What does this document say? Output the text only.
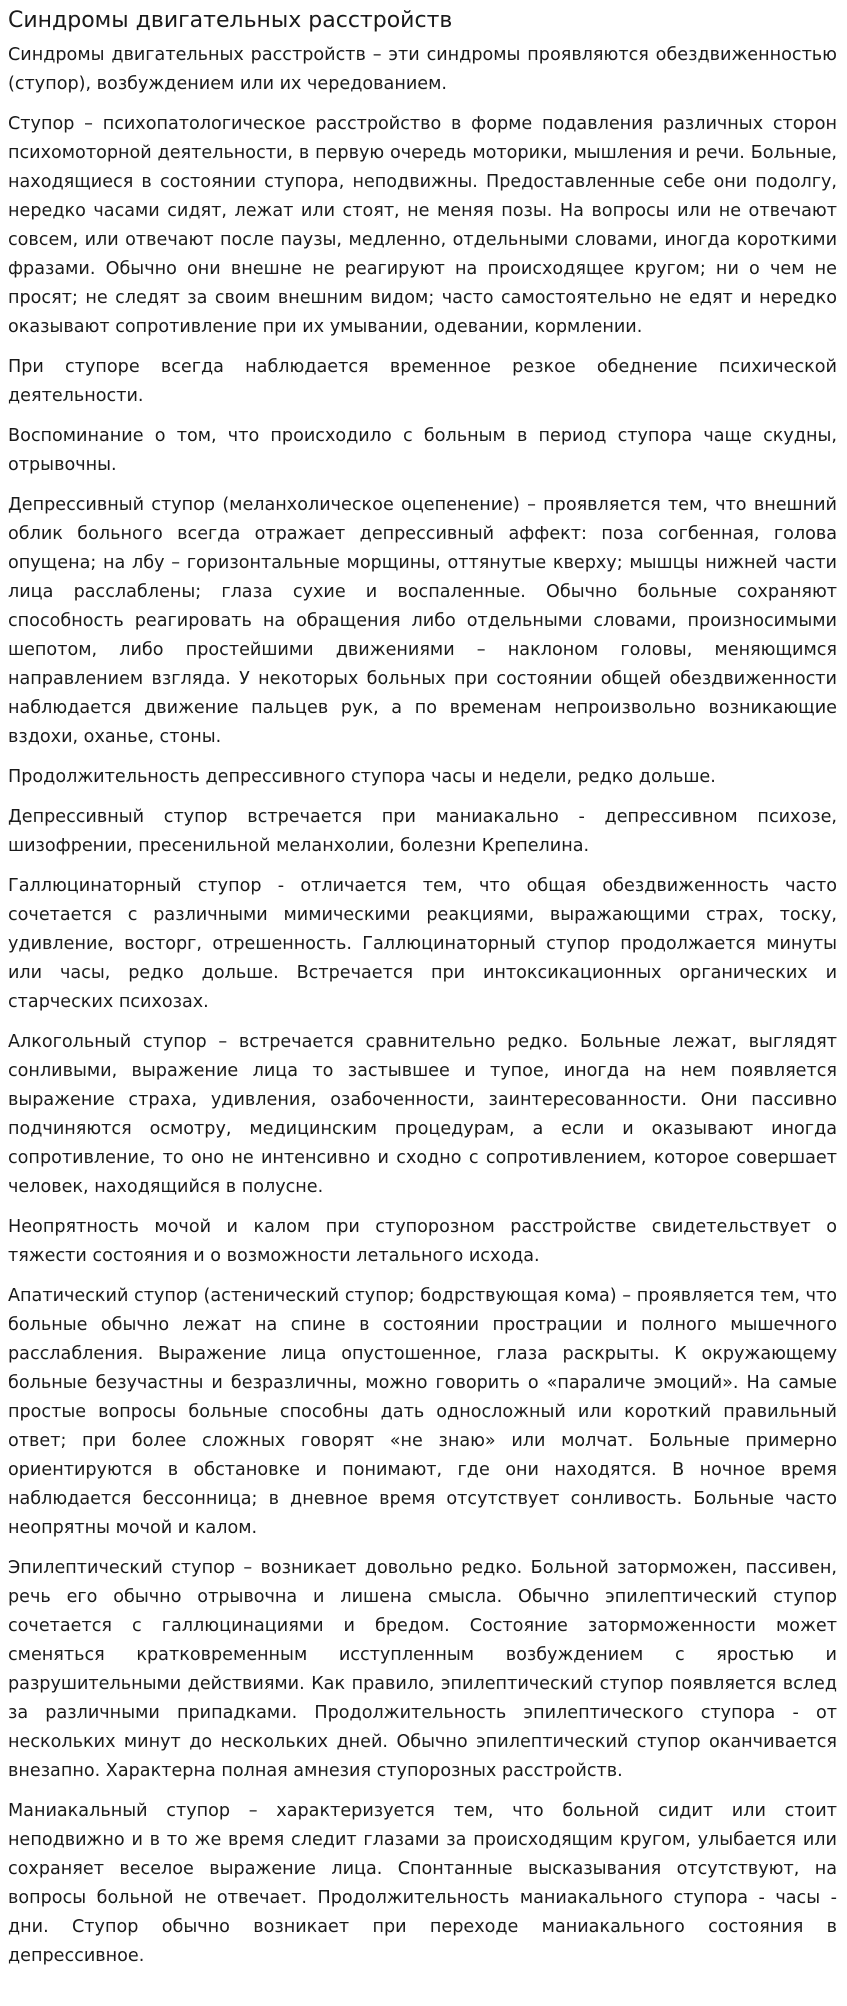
Синдромы двигательных расстройств

Синдромы двигательных расстройств – эти синдромы проявляются обездвиженностью (ступор), возбуждением или их чередованием.

Ступор – психопатологическое расстройство в форме подавления различных сторон психомоторной деятельности, в первую очередь моторики, мышления и речи. Больные, находящиеся в состоянии ступора, неподвижны. Предоставленные себе они подолгу, нередко часами сидят, лежат или стоят, не меняя позы. На вопросы или не отвечают совсем, или отвечают после паузы, медленно, отдельными словами, иногда короткими фразами. Обычно они внешне не реагируют на происходящее кругом; ни о чем не просят; не следят за своим внешним видом; часто самостоятельно не едят и нередко оказывают сопротивление при их умывании, одевании, кормлении.

При ступоре всегда наблюдается временное резкое обеднение психической деятельности.

Воспоминание о том, что происходило с больным в период ступора чаще скудны, отрывочны.

Депрессивный ступор (меланхолическое оцепенение) – проявляется тем, что внешний облик больного всегда отражает депрессивный аффект: поза согбенная, голова опущена; на лбу – горизонтальные морщины, оттянутые кверху; мышцы нижней части лица расслаблены; глаза сухие и воспаленные. Обычно больные сохраняют способность реагировать на обращения либо отдельными словами, произносимыми шепотом, либо простейшими движениями – наклоном головы, меняющимся направлением взгляда. У некоторых больных при состоянии общей обездвиженности наблюдается движение пальцев рук, а по временам непроизвольно возникающие вздохи, оханье, стоны.

Продолжительность депрессивного ступора часы и недели, редко дольше.

Депрессивный ступор встречается при маниакально - депрессивном психозе, шизофрении, пресенильной меланхолии, болезни Крепелина.

Галлюцинаторный ступор - отличается тем, что общая обездвиженность часто сочетается с различными мимическими реакциями, выражающими страх, тоску, удивление, восторг, отрешенность. Галлюцинаторный ступор продолжается минуты или часы, редко дольше. Встречается при интоксикационных органических и старческих психозах.

Алкогольный ступор – встречается сравнительно редко. Больные лежат, выглядят сонливыми, выражение лица то застывшее и тупое, иногда на нем появляется выражение страха, удивления, озабоченности, заинтересованности. Они пассивно подчиняются осмотру, медицинским процедурам, а если и оказывают иногда сопротивление, то оно не интенсивно и сходно с сопротивлением, которое совершает человек, находящийся в полусне.

Неопрятность мочой и калом при ступорозном расстройстве свидетельствует о тяжести состояния и о возможности летального исхода.

Апатический ступор (астенический ступор; бодрствующая кома) – проявляется тем, что больные обычно лежат на спине в состоянии прострации и полного мышечного расслабления. Выражение лица опустошенное, глаза раскрыты. К окружающему больные безучастны и безразличны, можно говорить о «параличе эмоций». На самые простые вопросы больные способны дать односложный или короткий правильный ответ; при более сложных говорят «не знаю» или молчат. Больные примерно ориентируются в обстановке и понимают, где они находятся. В ночное время наблюдается бессонница; в дневное время отсутствует сонливость. Больные часто неопрятны мочой и калом.

Эпилептический ступор – возникает довольно редко. Больной заторможен, пассивен, речь его обычно отрывочна и лишена смысла. Обычно эпилептический ступор сочетается с галлюцинациями и бредом. Состояние заторможенности может сменяться кратковременным исступленным возбуждением с яростью и разрушительными действиями. Как правило, эпилептический ступор появляется вслед за различными припадками. Продолжительность эпилептического ступора - от нескольких минут до нескольких дней. Обычно эпилептический ступор оканчивается внезапно. Характерна полная амнезия ступорозных расстройств.

Маниакальный ступор – характеризуется тем, что больной сидит или стоит неподвижно и в то же время следит глазами за происходящим кругом, улыбается или сохраняет веселое выражение лица. Спонтанные высказывания отсутствуют, на вопросы больной не отвечает. Продолжительность маниакального ступора - часы - дни. Ступор обычно возникает при переходе маниакального состояния в депрессивное.
